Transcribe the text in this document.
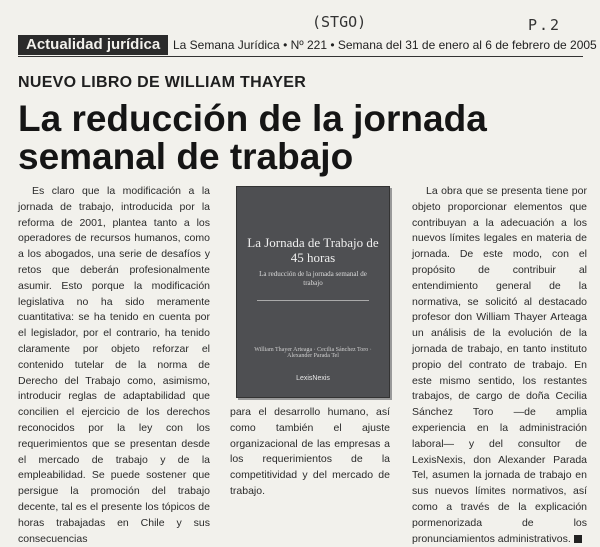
(STGO)	P.2
Actualidad jurídica	La Semana Jurídica • Nº 221 • Semana del 31 de enero al 6 de febrero de 2005
NUEVO LIBRO DE WILLIAM THAYER
La reducción de la jornada semanal de trabajo
Es claro que la modificación a la jornada de trabajo, introducida por la reforma de 2001, plantea tanto a los operadores de recursos humanos, como a los abogados, una serie de desafíos y retos que deberán profesionalmente asumir. Esto porque la modificación legislativa no ha sido meramente cuantitativa: se ha tenido en cuenta por el legislador, por el contrario, ha tenido claramente por objeto reforzar el contenido tutelar de la norma de Derecho del Trabajo como, asimismo, introducir reglas de adaptabilidad que concilien el ejercicio de los derechos reconocidos por la ley con los requerimientos que se presentan desde el mercado de trabajo y de la empleabilidad. Se puede sostener que persigue la promoción del trabajo decente, tal es el presente los tópicos de horas trabajadas en Chile y sus consecuencias
La Jornada de Trabajo de 45 horas
La reducción de la jornada semanal de trabajo
William Thayer Arteaga · Cecilia Sánchez Toro · Alexander Parada Tel
LexisNexis
para el desarrollo humano, así como también el ajuste organizacional de las empresas a los requerimientos de la competitividad y del mercado de trabajo.
La obra que se presenta tiene por objeto proporcionar elementos que contribuyan a la adecuación a los nuevos límites legales en materia de jornada. De este modo, con el propósito de contribuir al entendimiento general de la normativa, se solicitó al destacado profesor don William Thayer Arteaga un análisis de la evolución de la jornada de trabajo, en tanto instituto propio del contrato de trabajo. En este mismo sentido, los restantes trabajos, de cargo de doña Cecilia Sánchez Toro —de amplia experiencia en la administración laboral— y del consultor de LexisNexis, don Alexander Parada Tel, asumen la jornada de trabajo en sus nuevos límites normativos, así como a través de la explicación pormenorizada de los pronunciamientos administrativos.
